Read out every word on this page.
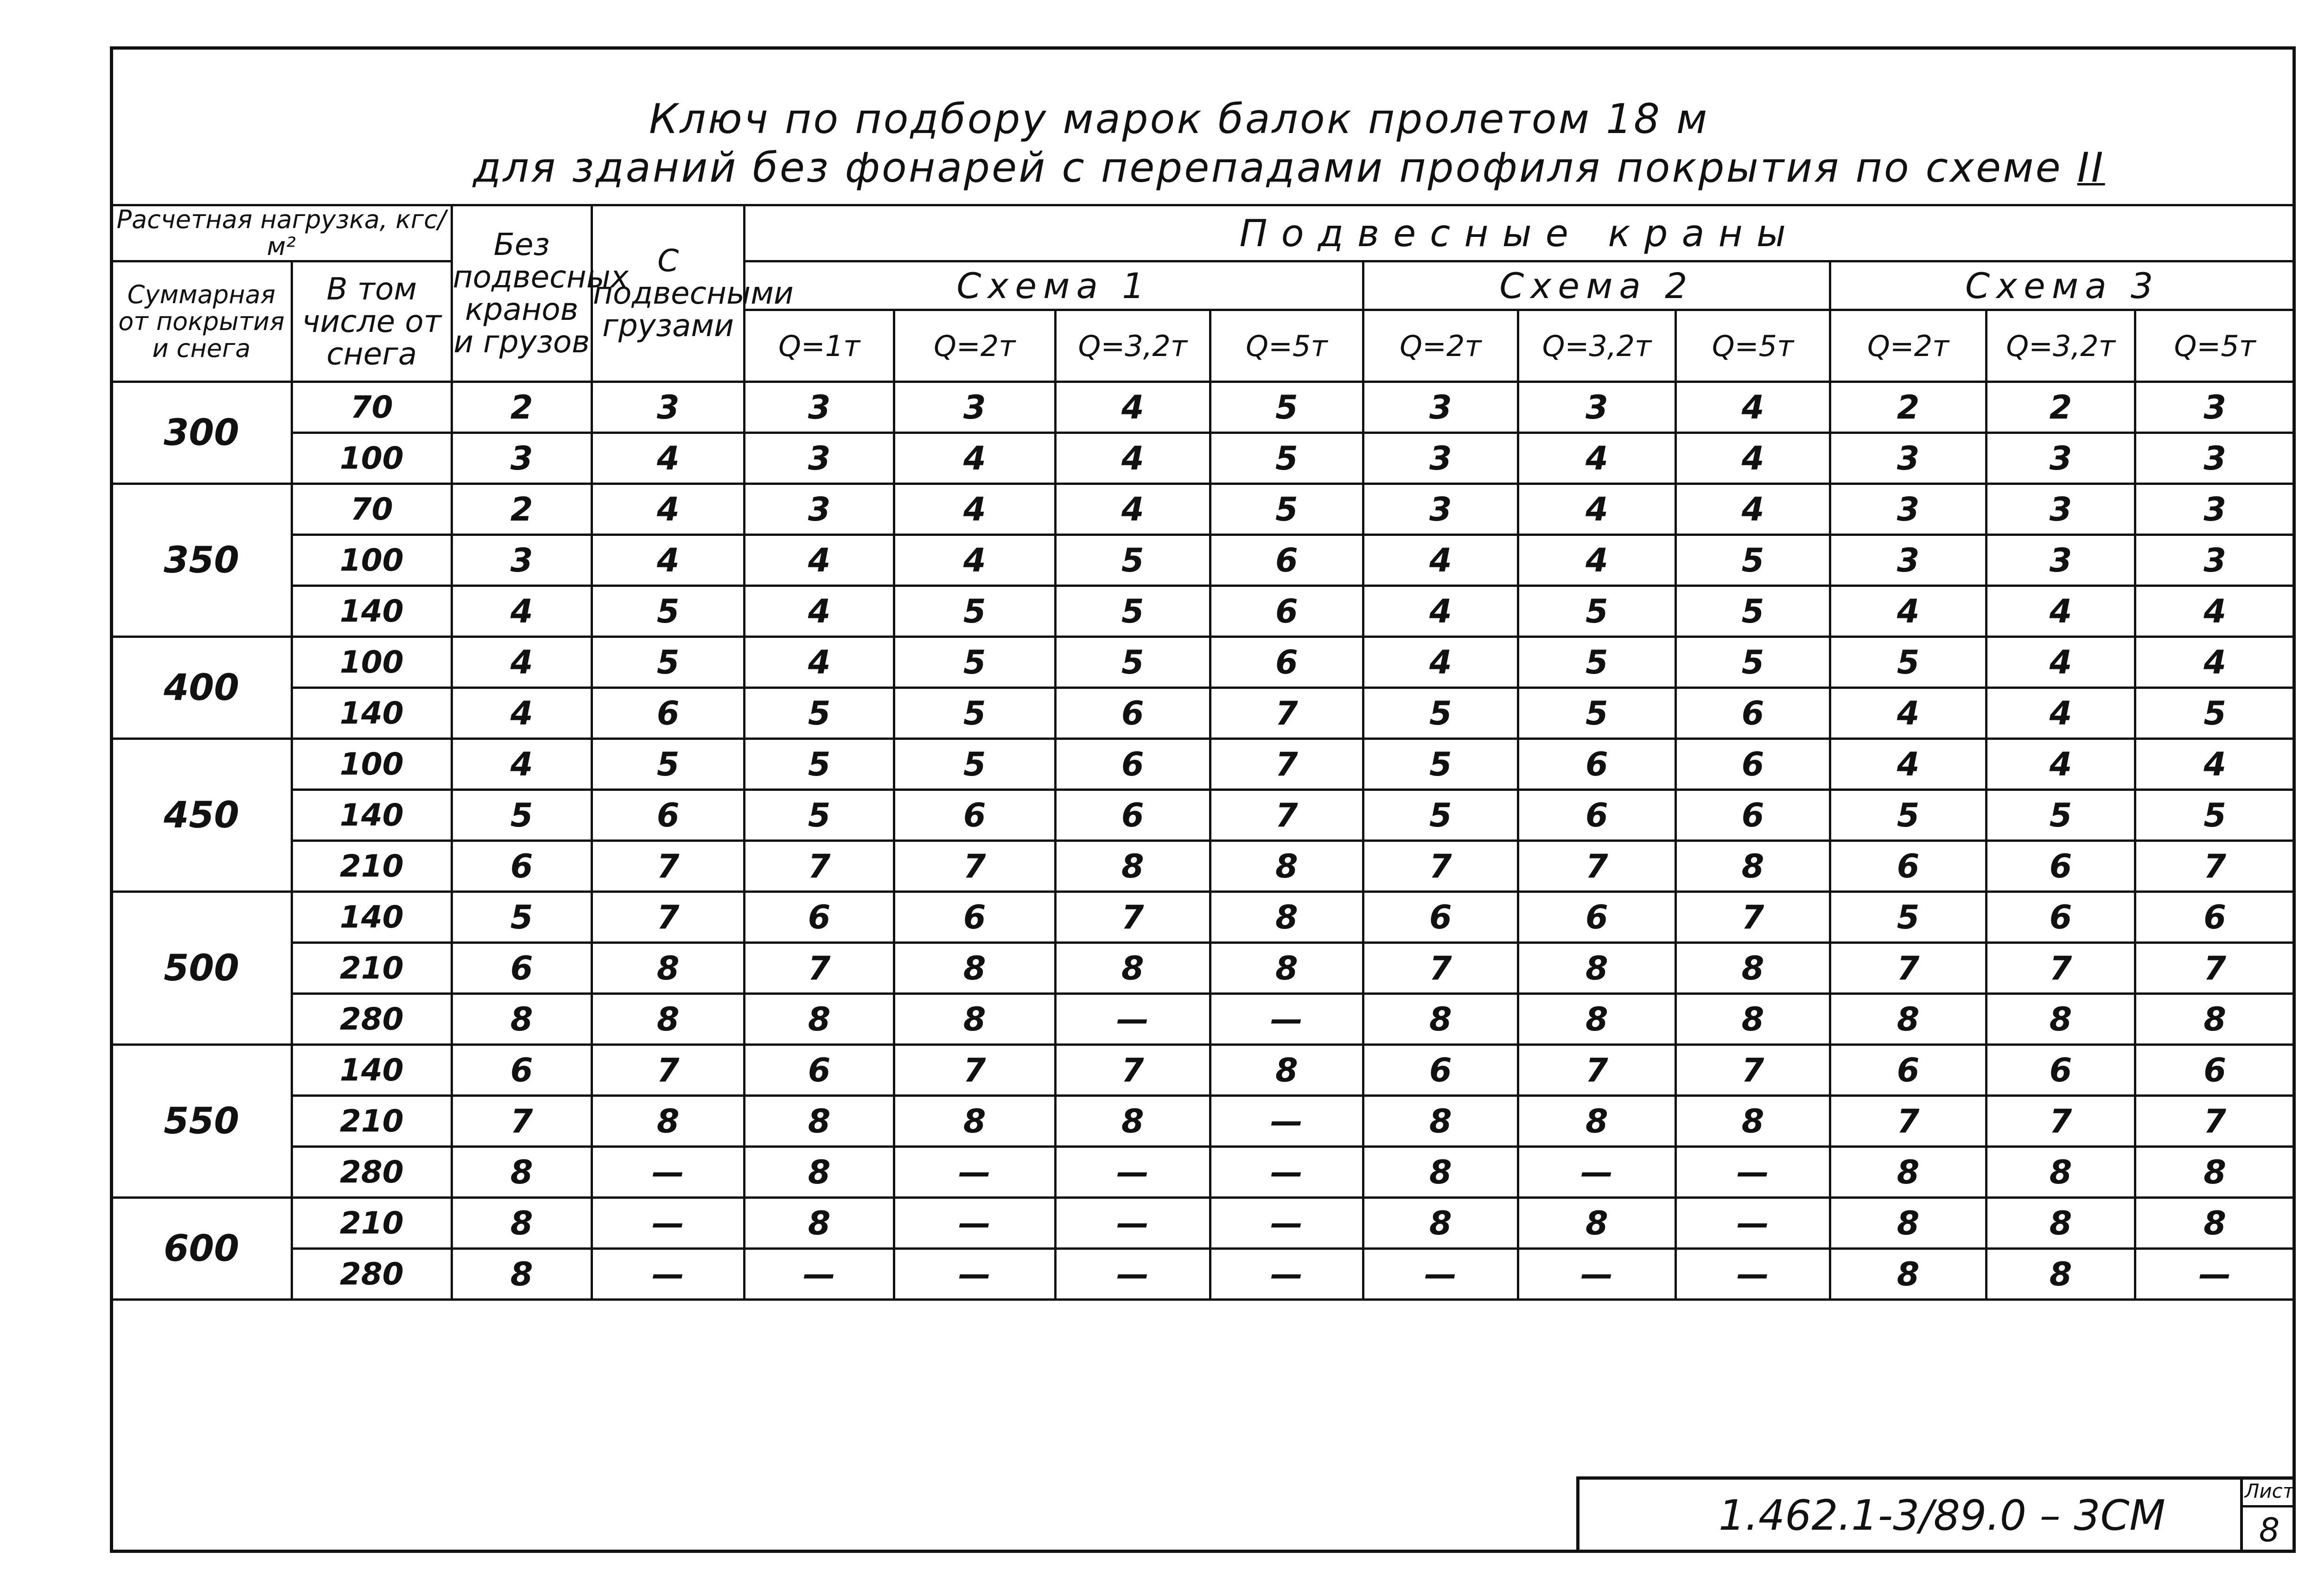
Ключ по подбору марок балок пролетом 18 м
для зданий без фонарей с перепадами профиля покрытия по схеме II
Расчетная нагрузка, кгс/м²		Без подвесных кранов и грузов	С подвесными грузами	Подвесные краны									
Суммарная от покрытия и снега	В том числе от снега			Схема 1				Схема 2			Схема 3		
				Q=1т	Q=2т	Q=3,2т	Q=5т	Q=2т	Q=3,2т	Q=5т	Q=2т	Q=3,2т	Q=5т
300	70	2	3	3	3	4	5	3	3	4	2	2	3
	100	3	4	3	4	4	5	3	4	4	3	3	3
350	70	2	4	3	4	4	5	3	4	4	3	3	3
	100	3	4	4	4	5	6	4	4	5	3	3	3
	140	4	5	4	5	5	6	4	5	5	4	4	4
400	100	4	5	4	5	5	6	4	5	5	5	4	4
	140	4	6	5	5	6	7	5	5	6	4	4	5
450	100	4	5	5	5	6	7	5	6	6	4	4	4
	140	5	6	5	6	6	7	5	6	6	5	5	5
	210	6	7	7	7	8	8	7	7	8	6	6	7
500	140	5	7	6	6	7	8	6	6	7	5	6	6
	210	6	8	7	8	8	8	7	8	8	7	7	7
	280	8	8	8	8	—	—	8	8	8	8	8	8
550	140	6	7	6	7	7	8	6	7	7	6	6	6
	210	7	8	8	8	8	—	8	8	8	7	7	7
	280	8	—	8	—	—	—	8	—	—	8	8	8
600	210	8	—	8	—	—	—	8	8	—	8	8	8
	280	8	—	—	—	—	—	—	—	—	8	8	—
1.462.1-3/89.0 – 3СМ
Лист
8
